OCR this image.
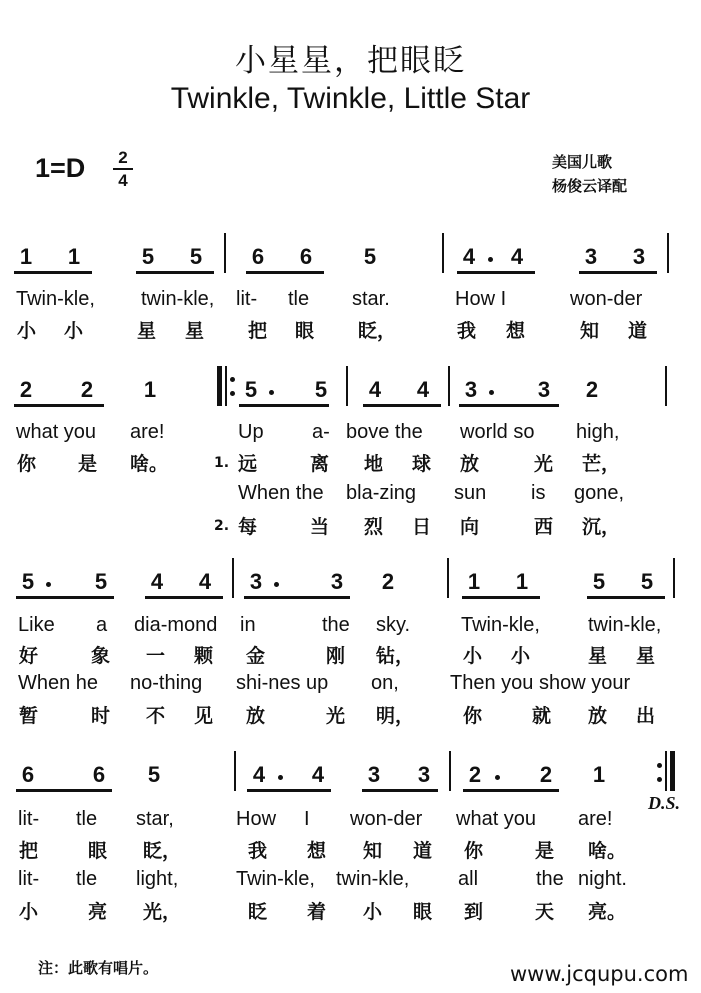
小星星，把眼眨
Twinkle, Twinkle, Little Star
1=D	2
4
美国儿歌
杨俊云译配
1	1	5	5	6	6	5	4	4	3	3
Twin-kle, twin-kle, lit- tle star.	How I	won-der
小 小	星 星 把 眼 眨，	我 想	知 道
2	2	1	5	5	4	4	3	3	2
what you are!	Up a- bove the world so high,
你 是 啥。	1. 远	离 地 球 放	光 芒，
When the bla-zing sun is gone,
2. 每	当 烈 日 向	西 沉，
5	5	4	4	3	3	2	1	1	5	5
Like a dia-mond in	the sky.	Twin-kle, twin-kle,
好	象 一 颗 金	刚 钻，	小 小	星 星
When he no-thing shi-nes up on,	Then you show your
暂	时 不 见 放	光 明，	你	就 放 出
6	6	5	4	4	3	3	2	2	1
D.S.
lit- tle star,	How I won-der what you are!
把	眼 眨，	我 想 知 道 你	是 啥。
lit- tle light,	Twin-kle, twin-kle, all	the night.
小	亮 光，	眨 着 小 眼 到	天 亮。
注：此歌有唱片。	www.jcqupu.com
